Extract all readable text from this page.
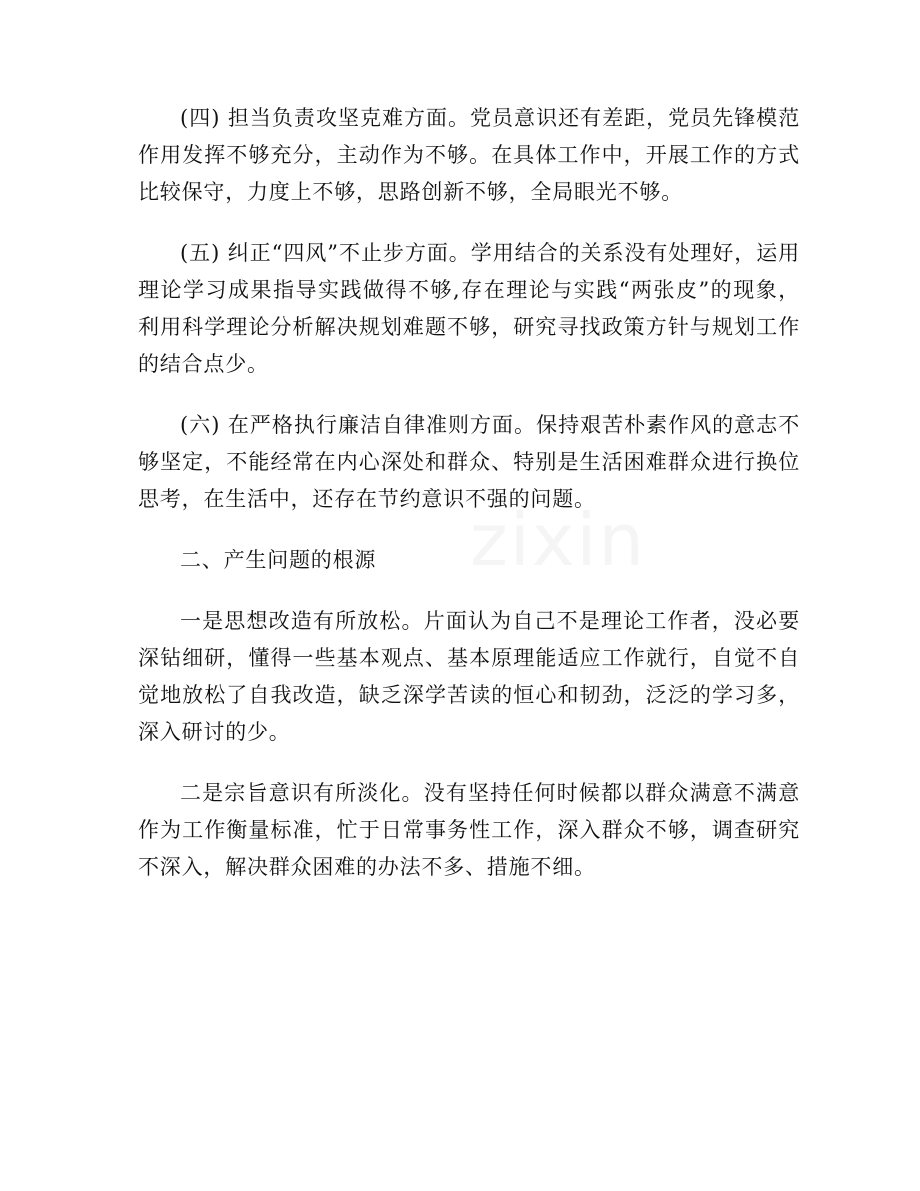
(四) 担当负责攻坚克难方面。党员意识还有差距，党员先锋模范作用发挥不够充分，主动作为不够。在具体工作中，开展工作的方式比较保守，力度上不够，思路创新不够，全局眼光不够。

(五) 纠正“四风”不止步方面。学用结合的关系没有处理好，运用理论学习成果指导实践做得不够,存在理论与实践“两张皮”的现象，利用科学理论分析解决规划难题不够，研究寻找政策方针与规划工作的结合点少。

(六) 在严格执行廉洁自律准则方面。保持艰苦朴素作风的意志不够坚定，不能经常在内心深处和群众、特别是生活困难群众进行换位思考，在生活中，还存在节约意识不强的问题。

二、产生问题的根源

一是思想改造有所放松。片面认为自己不是理论工作者，没必要深钻细研，懂得一些基本观点、基本原理能适应工作就行，自觉不自觉地放松了自我改造，缺乏深学苦读的恒心和韧劲，泛泛的学习多，深入研讨的少。

二是宗旨意识有所淡化。没有坚持任何时候都以群众满意不满意作为工作衡量标准，忙于日常事务性工作，深入群众不够，调查研究不深入，解决群众困难的办法不多、措施不细。

zixin
